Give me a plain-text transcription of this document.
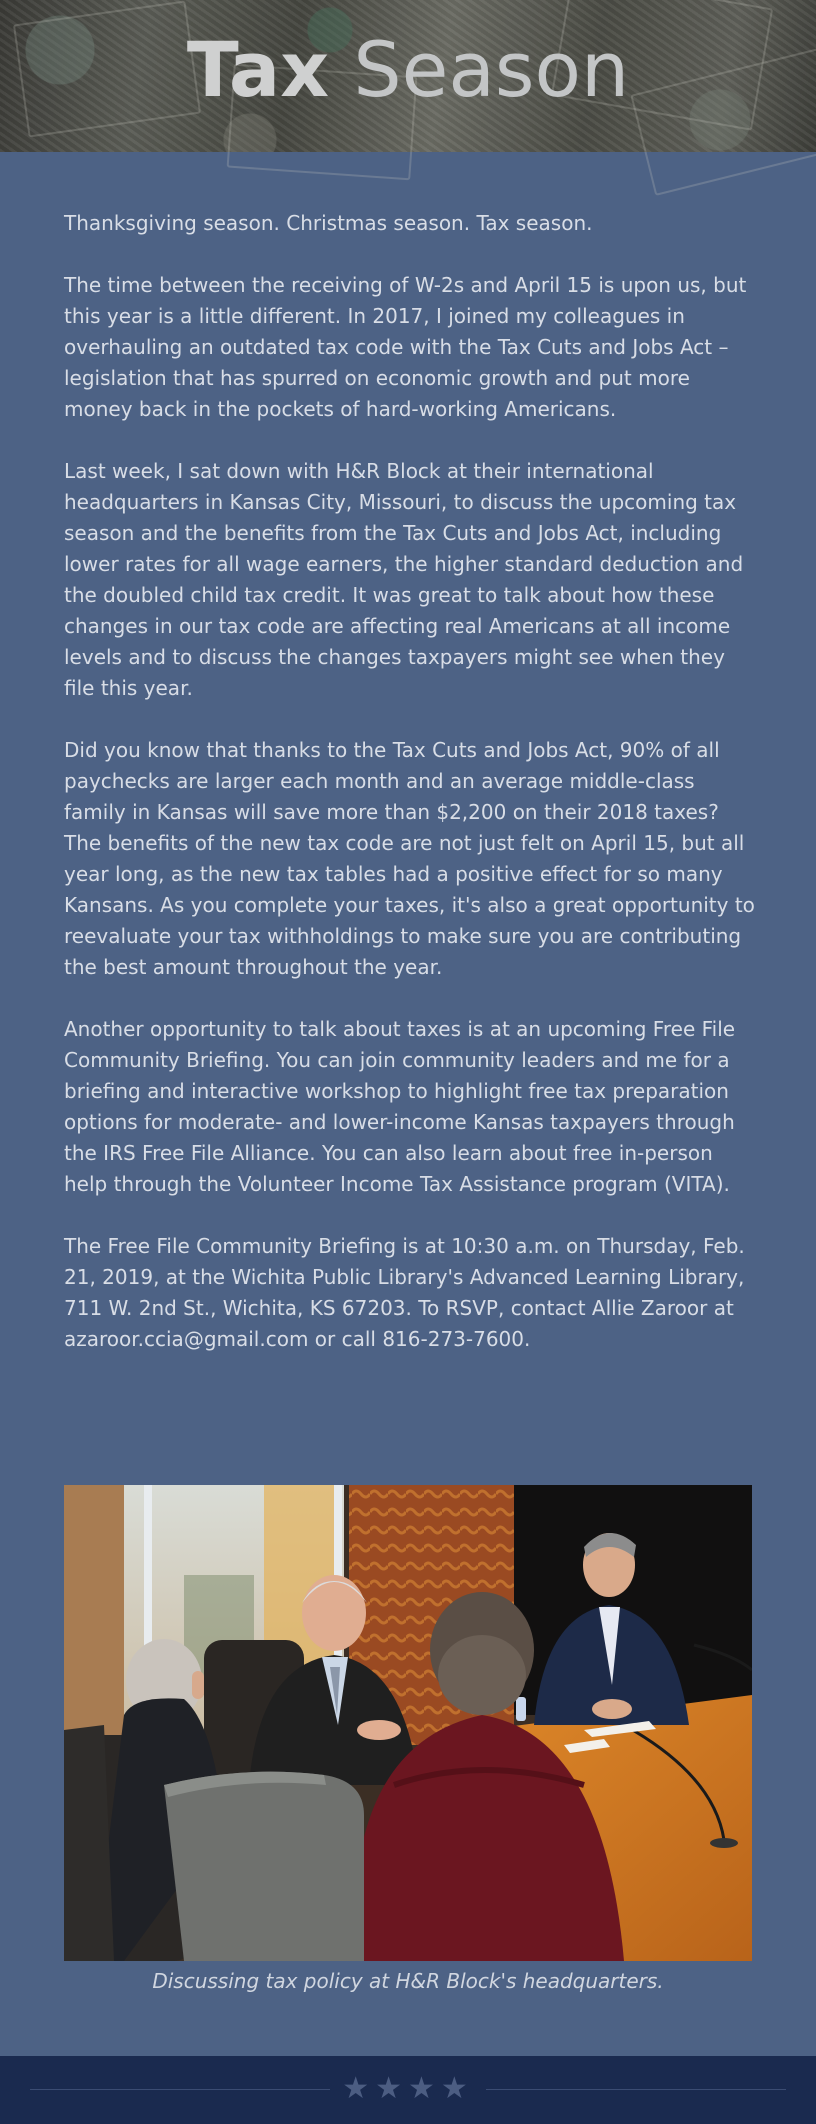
Tax Season

Thanksgiving season. Christmas season. Tax season.

The time between the receiving of W-2s and April 15 is upon us, but this year is a little different. In 2017, I joined my colleagues in overhauling an outdated tax code with the Tax Cuts and Jobs Act – legislation that has spurred on economic growth and put more money back in the pockets of hard-working Americans.

Last week, I sat down with H&R Block at their international headquarters in Kansas City, Missouri, to discuss the upcoming tax season and the benefits from the Tax Cuts and Jobs Act, including lower rates for all wage earners, the higher standard deduction and the doubled child tax credit. It was great to talk about how these changes in our tax code are affecting real Americans at all income levels and to discuss the changes taxpayers might see when they file this year.

Did you know that thanks to the Tax Cuts and Jobs Act, 90% of all paychecks are larger each month and an average middle-class family in Kansas will save more than $2,200 on their 2018 taxes? The benefits of the new tax code are not just felt on April 15, but all year long, as the new tax tables had a positive effect for so many Kansans. As you complete your taxes, it's also a great opportunity to reevaluate your tax withholdings to make sure you are contributing the best amount throughout the year.

Another opportunity to talk about taxes is at an upcoming Free File Community Briefing. You can join community leaders and me for a briefing and interactive workshop to highlight free tax preparation options for moderate- and lower-income Kansas taxpayers through the IRS Free File Alliance. You can also learn about free in-person help through the Volunteer Income Tax Assistance program (VITA).

The Free File Community Briefing is at 10:30 a.m. on Thursday, Feb. 21, 2019, at the Wichita Public Library's Advanced Learning Library, 711 W. 2nd St., Wichita, KS 67203. To RSVP, contact Allie Zaroor at azaroor.ccia@gmail.com or call 816-273-7600.

Discussing tax policy at H&R Block's headquarters.
★★★★
